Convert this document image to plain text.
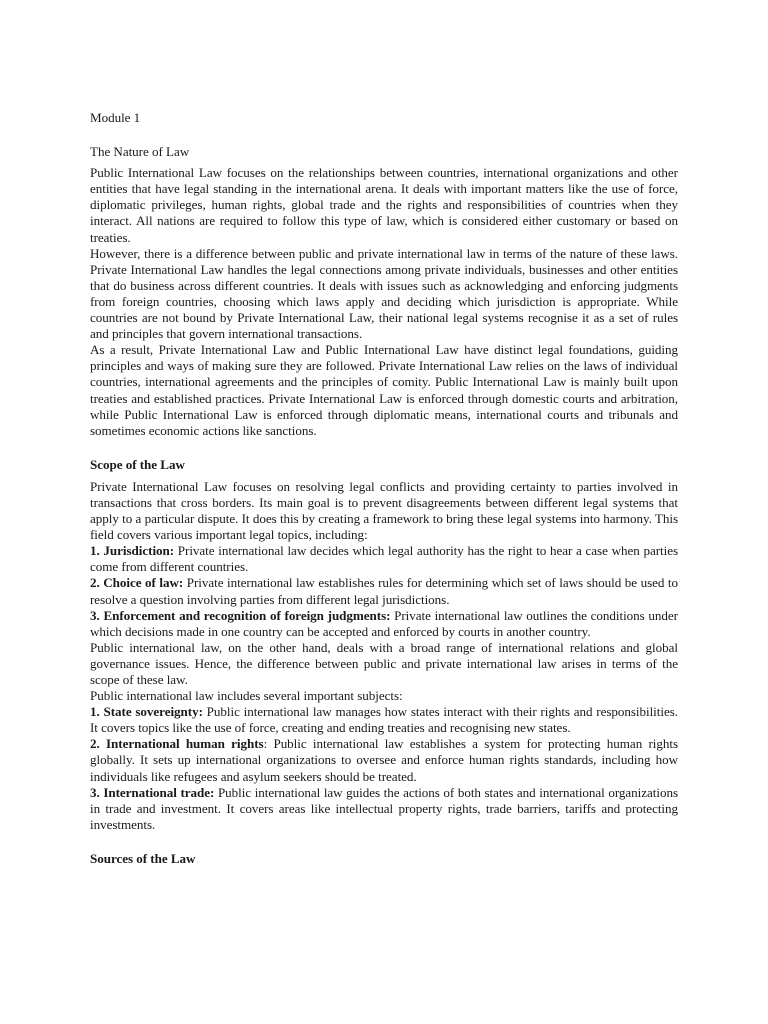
Module 1

The Nature of Law

Public International Law focuses on the relationships between countries, international organizations and other entities that have legal standing in the international arena. It deals with important matters like the use of force, diplomatic privileges, human rights, global trade and the rights and responsibilities of countries when they interact. All nations are required to follow this type of law, which is considered either customary or based on treaties.

However, there is a difference between public and private international law in terms of the nature of these laws. Private International Law handles the legal connections among private individuals, businesses and other entities that do business across different countries. It deals with issues such as acknowledging and enforcing judgments from foreign countries, choosing which laws apply and deciding which jurisdiction is appropriate. While countries are not bound by Private International Law, their national legal systems recognise it as a set of rules and principles that govern international transactions.

As a result, Private International Law and Public International Law have distinct legal foundations, guiding principles and ways of making sure they are followed. Private International Law relies on the laws of individual countries, international agreements and the principles of comity. Public International Law is mainly built upon treaties and established practices. Private International Law is enforced through domestic courts and arbitration, while Public International Law is enforced through diplomatic means, international courts and tribunals and sometimes economic actions like sanctions.

Scope of the Law

Private International Law focuses on resolving legal conflicts and providing certainty to parties involved in transactions that cross borders. Its main goal is to prevent disagreements between different legal systems that apply to a particular dispute. It does this by creating a framework to bring these legal systems into harmony. This field covers various important legal topics, including:

1. Jurisdiction: Private international law decides which legal authority has the right to hear a case when parties come from different countries.

2. Choice of law: Private international law establishes rules for determining which set of laws should be used to resolve a question involving parties from different legal jurisdictions.

3. Enforcement and recognition of foreign judgments: Private international law outlines the conditions under which decisions made in one country can be accepted and enforced by courts in another country.

Public international law, on the other hand, deals with a broad range of international relations and global governance issues. Hence, the difference between public and private international law arises in terms of the scope of these law.

Public international law includes several important subjects:

1. State sovereignty: Public international law manages how states interact with their rights and responsibilities. It covers topics like the use of force, creating and ending treaties and recognising new states.

2. International human rights: Public international law establishes a system for protecting human rights globally. It sets up international organizations to oversee and enforce human rights standards, including how individuals like refugees and asylum seekers should be treated.

3. International trade: Public international law guides the actions of both states and international organizations in trade and investment. It covers areas like intellectual property rights, trade barriers, tariffs and protecting investments.

Sources of the Law
